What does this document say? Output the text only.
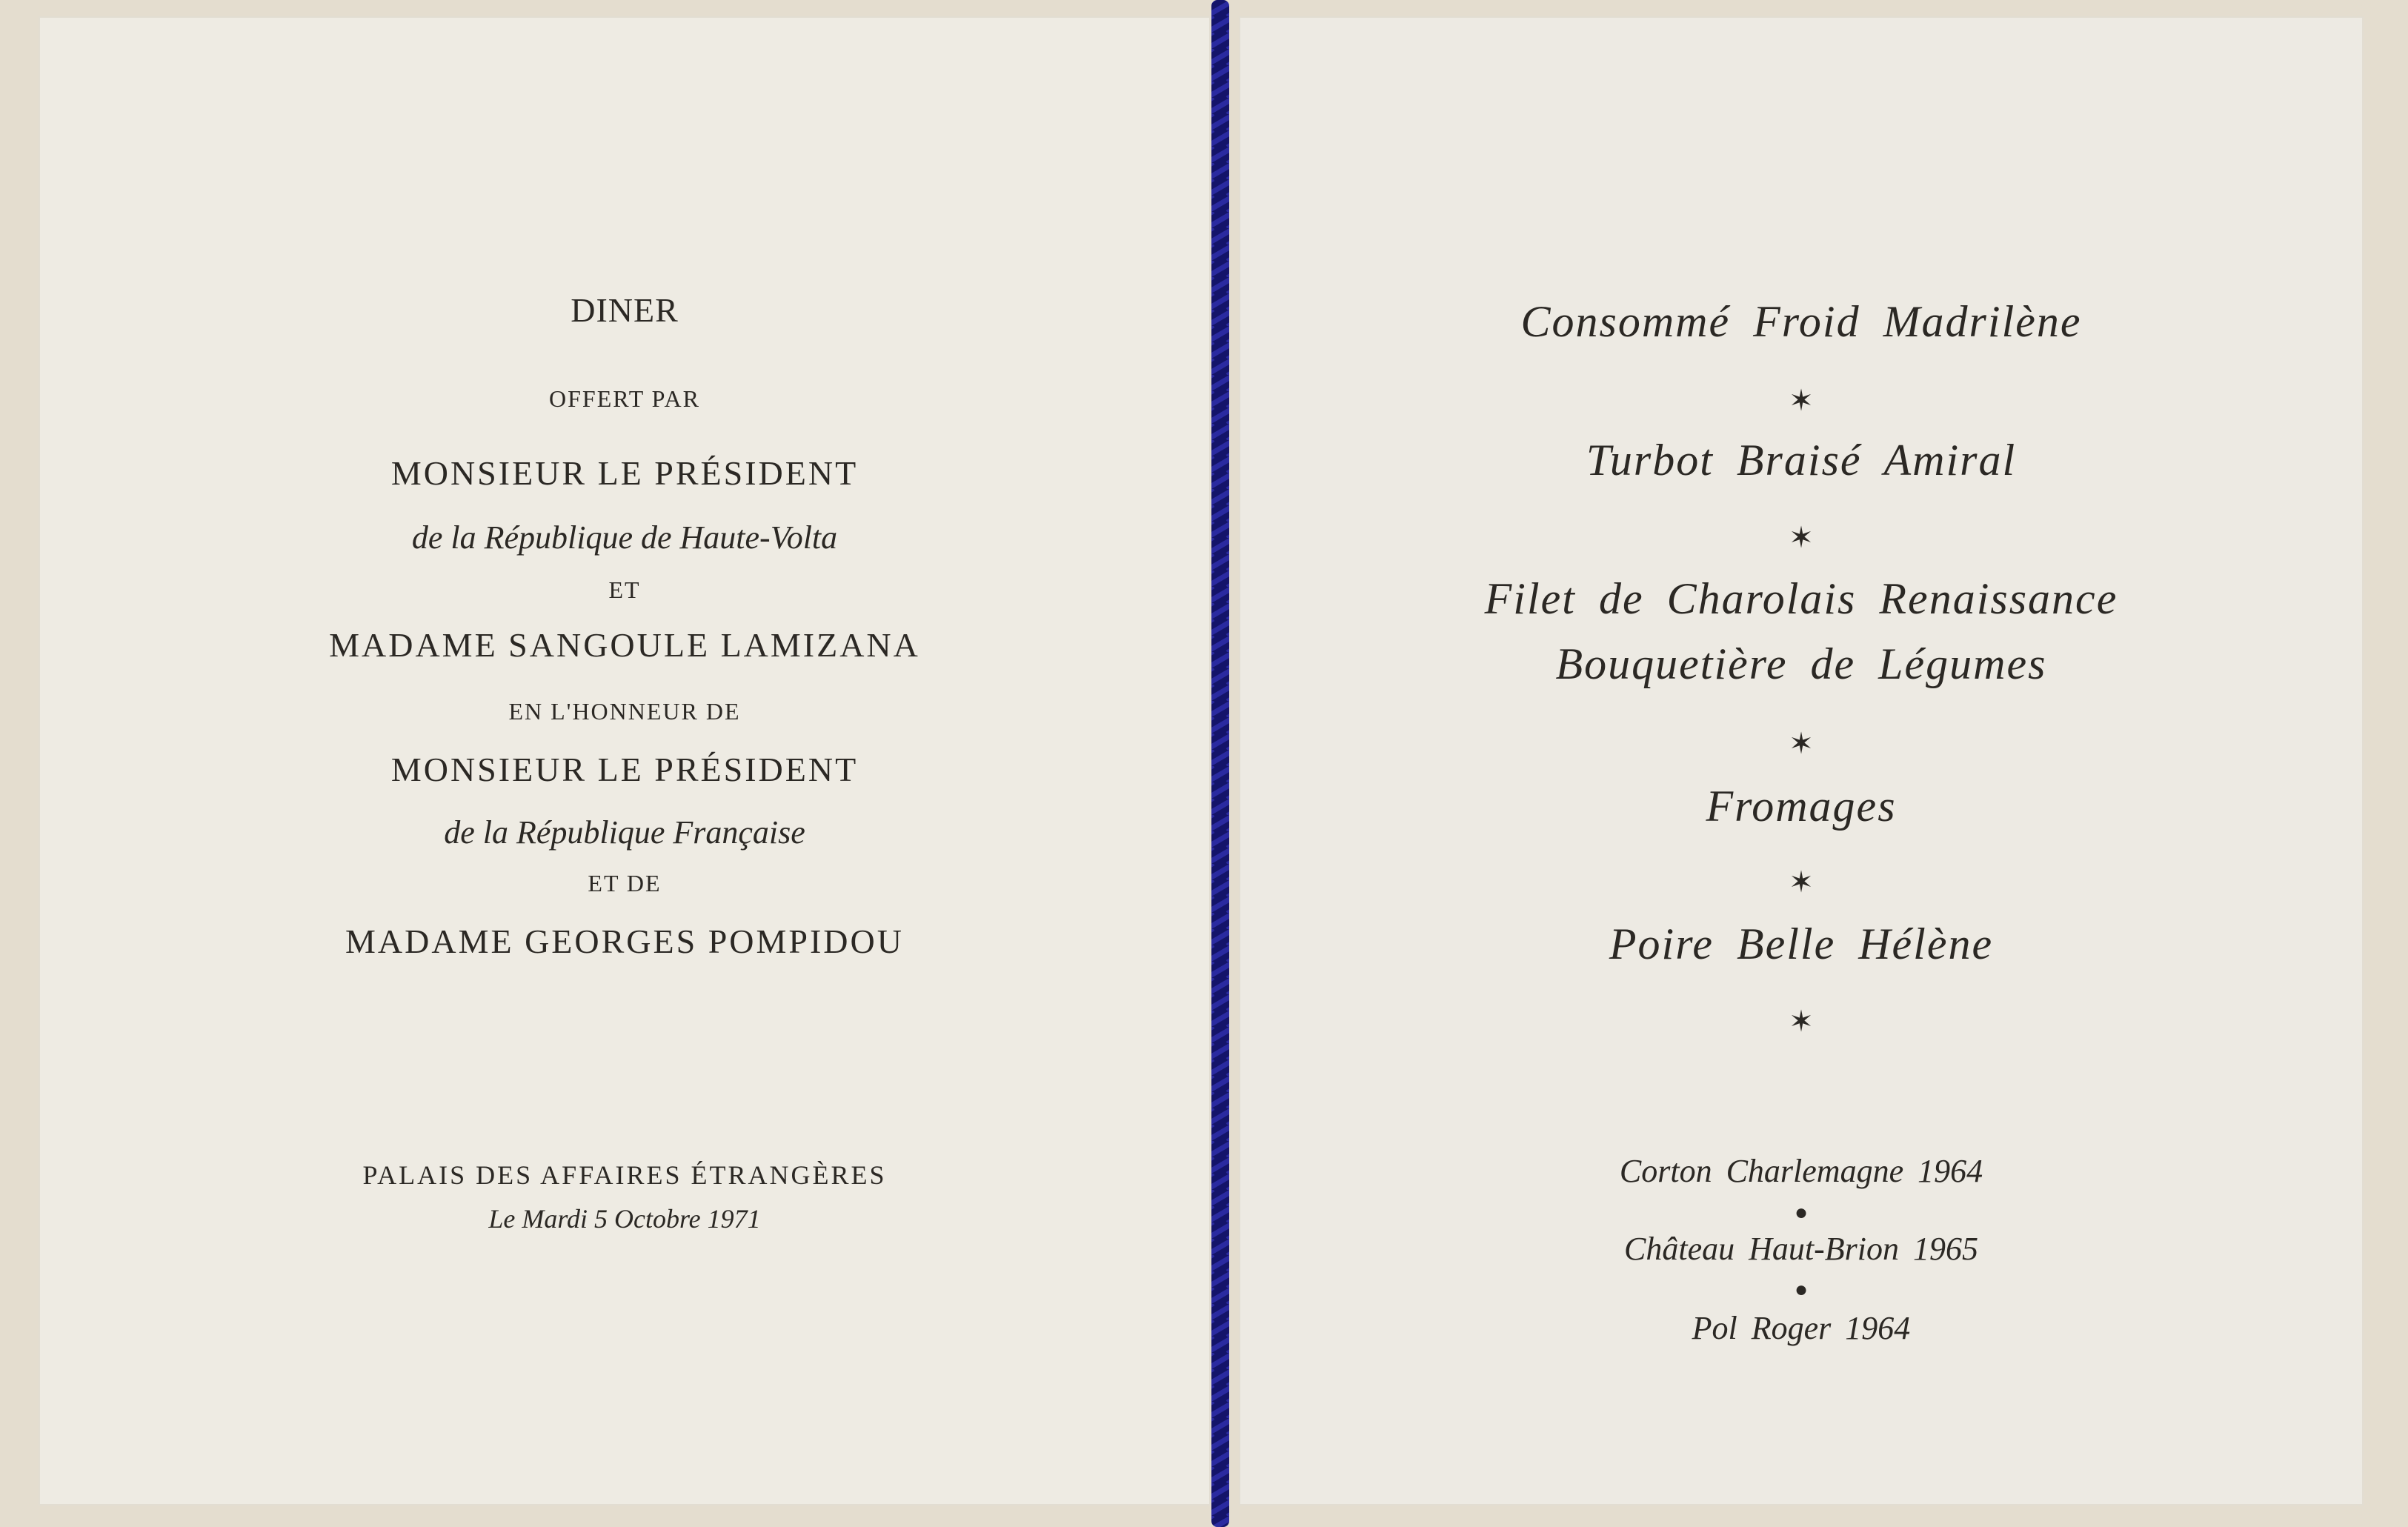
DINER
OFFERT PAR
MONSIEUR LE PRÉSIDENT
de la République de Haute-Volta
ET
MADAME SANGOULE LAMIZANA
EN L'HONNEUR DE
MONSIEUR LE PRÉSIDENT
de la République Française
ET DE
MADAME GEORGES POMPIDOU
PALAIS DES AFFAIRES ÉTRANGÈRES
Le Mardi 5 Octobre 1971
Consommé Froid Madrilène
✶
Turbot Braisé Amiral
✶
Filet de Charolais Renaissance
Bouquetière de Légumes
✶
Fromages
✶
Poire Belle Hélène
✶
Corton Charlemagne 1964
●
Château Haut-Brion 1965
●
Pol Roger 1964
